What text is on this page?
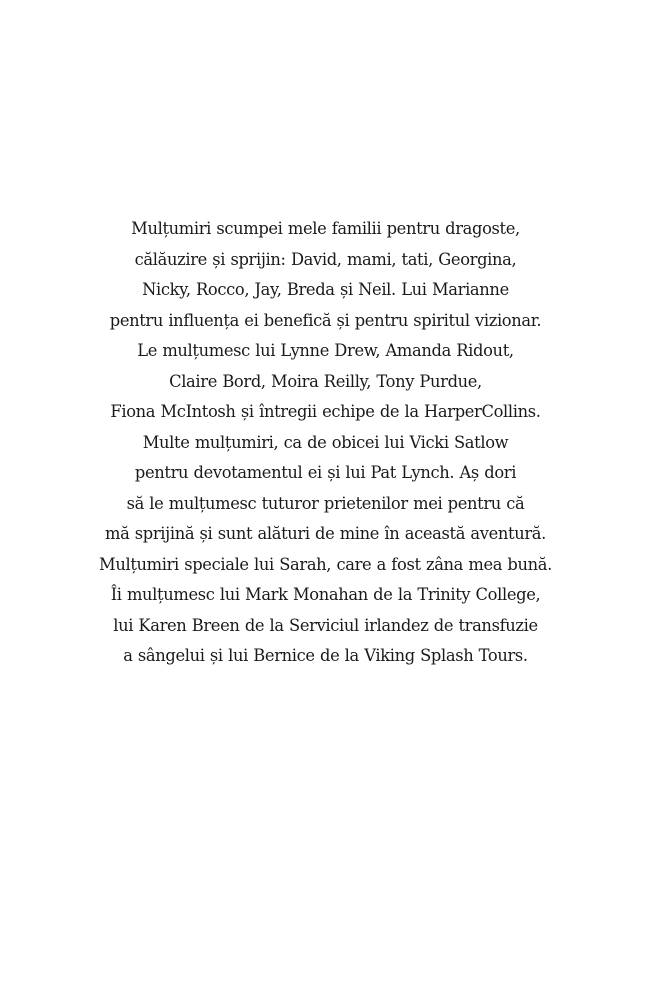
Mulțumiri scumpei mele familii pentru dragoste,
călăuzire și sprijin: David, mami, tati, Georgina,
Nicky, Rocco, Jay, Breda și Neil. Lui Marianne
pentru influența ei benefică și pentru spiritul vizionar.
Le mulțumesc lui Lynne Drew, Amanda Ridout,
Claire Bord, Moira Reilly, Tony Purdue,
Fiona McIntosh și întregii echipe de la HarperCollins.
Multe mulțumiri, ca de obicei lui Vicki Satlow
pentru devotamentul ei și lui Pat Lynch. Aș dori
să le mulțumesc tuturor prietenilor mei pentru că
mă sprijină și sunt alături de mine în această aventură.
Mulțumiri speciale lui Sarah, care a fost zâna mea bună.
Îi mulțumesc lui Mark Monahan de la Trinity College,
lui Karen Breen de la Serviciul irlandez de transfuzie
a sângelui și lui Bernice de la Viking Splash Tours.
